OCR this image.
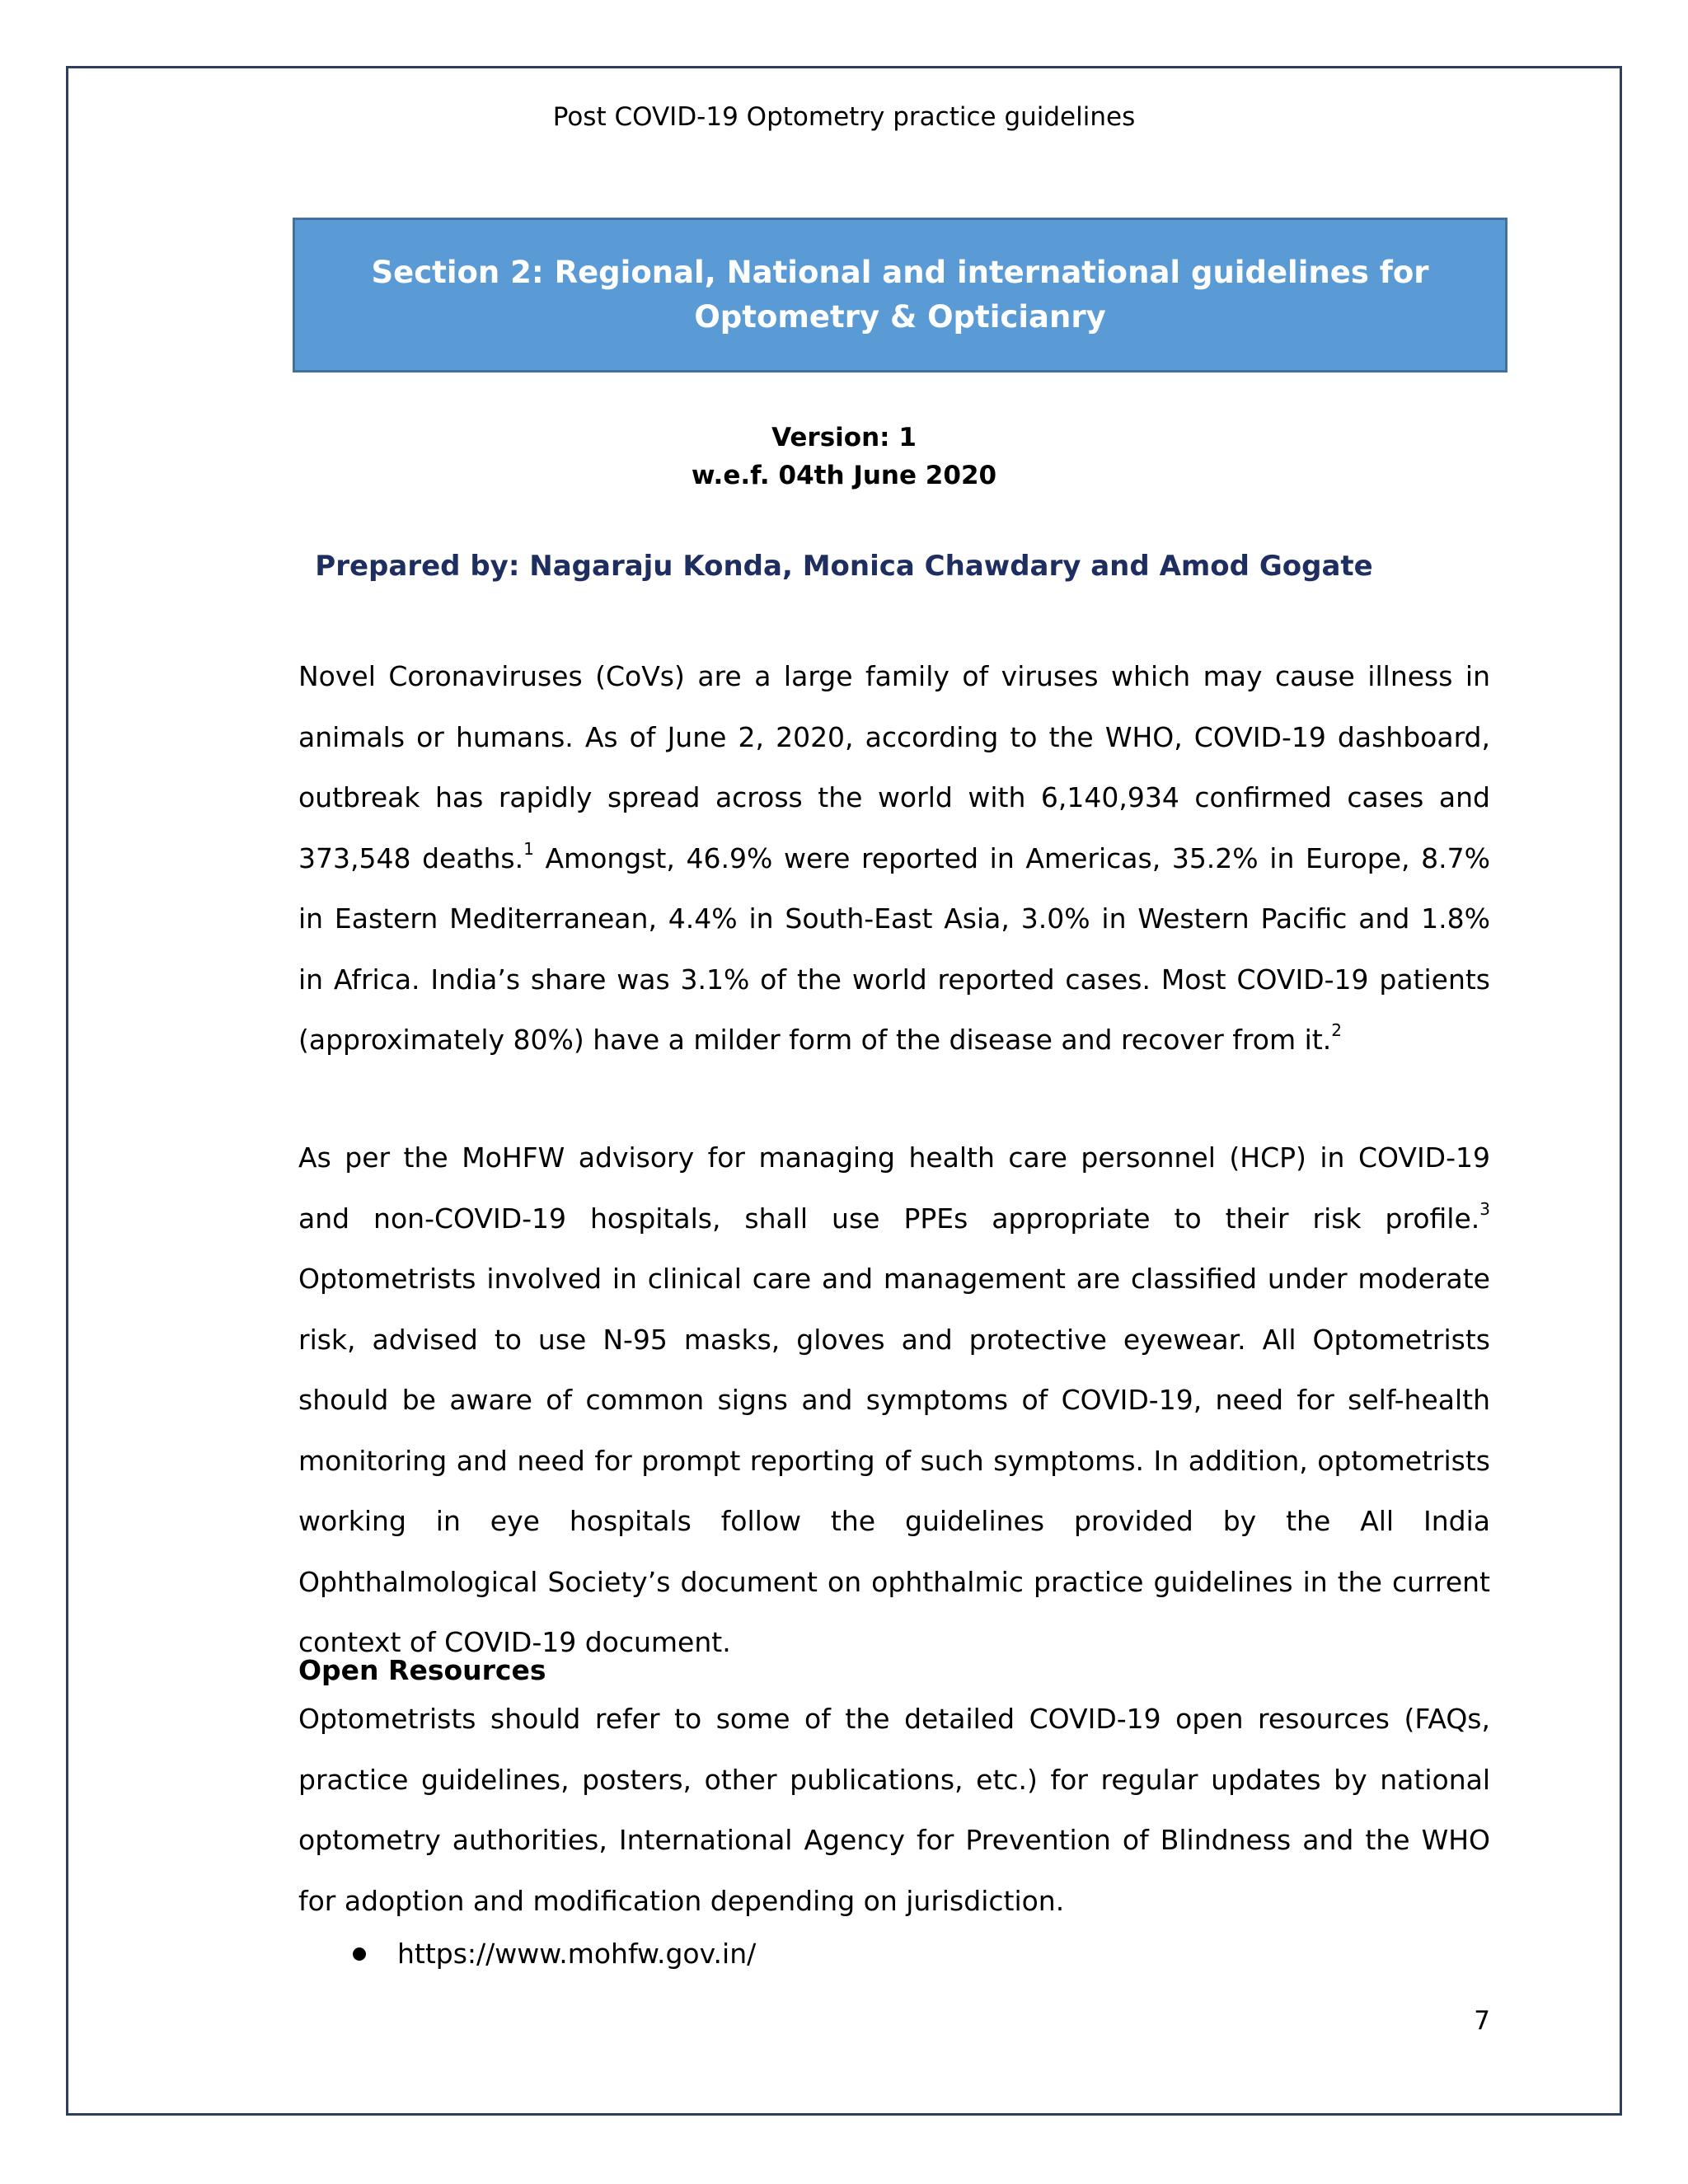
Post COVID-19 Optometry practice guidelines
Section 2: Regional, National and international guidelines for Optometry & Opticianry
Version: 1
w.e.f. 04th June 2020
Prepared by: Nagaraju Konda, Monica Chawdary and Amod Gogate

Novel Coronaviruses (CoVs) are a large family of viruses which may cause illness in animals or humans. As of June 2, 2020, according to the WHO, COVID-19 dashboard, outbreak has rapidly spread across the world with 6,140,934 confirmed cases and 373,548 deaths.$^1$ Amongst, 46.9% were reported in Americas, 35.2% in Europe, 8.7% in Eastern Mediterranean, 4.4% in South-East Asia, 3.0% in Western Pacific and 1.8% in Africa. India’s share was 3.1% of the world reported cases. Most COVID-19 patients (approximately 80%) have a milder form of the disease and recover from it.$^2$

As per the MoHFW advisory for managing health care personnel (HCP) in COVID-19 and non-COVID-19 hospitals, shall use PPEs appropriate to their risk profile.$^3$ Optometrists involved in clinical care and management are classified under moderate risk, advised to use N-95 masks, gloves and protective eyewear. All Optometrists should be aware of common signs and symptoms of COVID-19, need for self-health monitoring and need for prompt reporting of such symptoms. In addition, optometrists working in eye hospitals follow the guidelines provided by the All India Ophthalmological Society’s document on ophthalmic practice guidelines in the current context of COVID-19 document.

Open Resources

Optometrists should refer to some of the detailed COVID-19 open resources (FAQs, practice guidelines, posters, other publications, etc.) for regular updates by national optometry authorities, International Agency for Prevention of Blindness and the WHO for adoption and modification depending on jurisdiction.

https://www.mohfw.gov.in/
7
